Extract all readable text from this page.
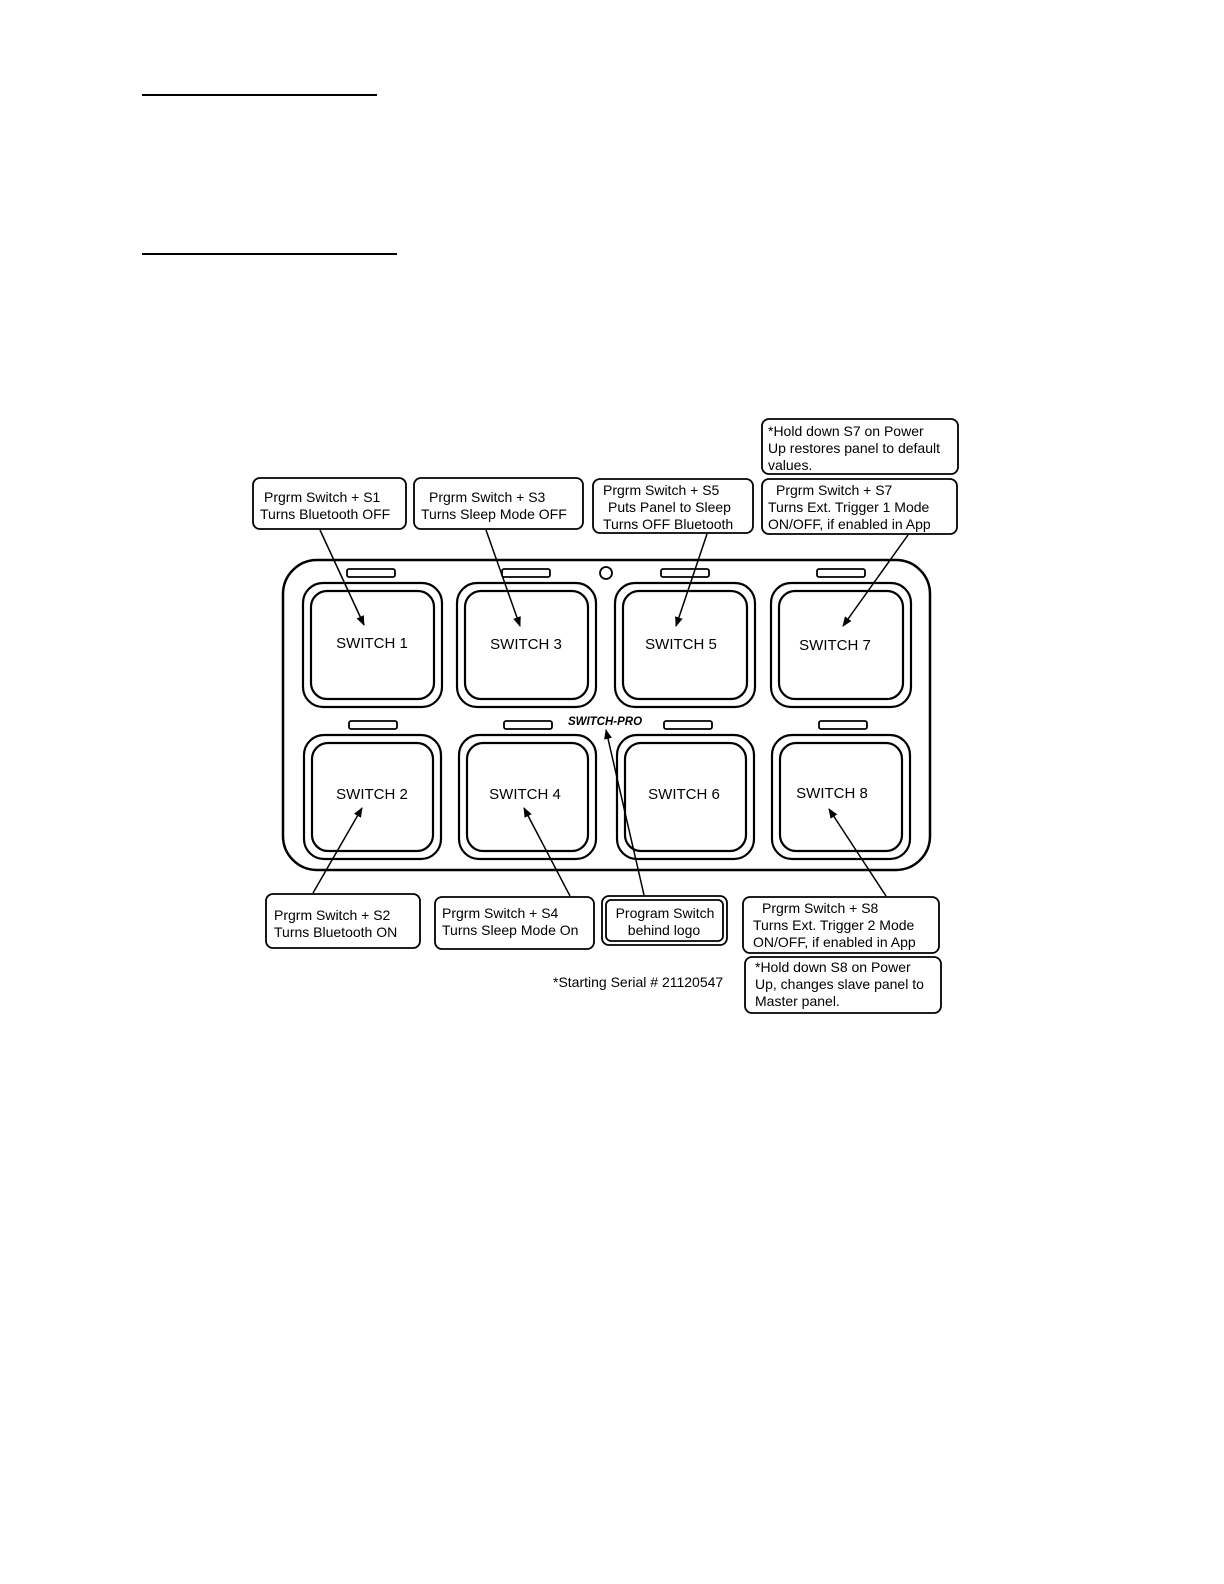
SWITCH 1	SWITCH 3	SWITCH 5	SWITCH 7
SWITCH 2	SWITCH 4	SWITCH 6	SWITCH 8
SWITCH-PRO
Prgrm Switch + S1 Turns Bluetooth OFF
Prgrm Switch + S3 Turns Sleep Mode OFF
Prgrm Switch + S5 Puts Panel to Sleep Turns OFF Bluetooth
*Hold down S7 on Power Up restores panel to default values.
Prgrm Switch + S7 Turns Ext. Trigger 1 Mode ON/OFF, if enabled in App
Prgrm Switch + S2 Turns Bluetooth ON
Prgrm Switch + S4 Turns Sleep Mode On
Program Switch behind logo
Prgrm Switch + S8 Turns Ext. Trigger 2 Mode ON/OFF, if enabled in App
*Hold down S8 on Power Up, changes slave panel to Master panel.
*Starting Serial # 21120547
